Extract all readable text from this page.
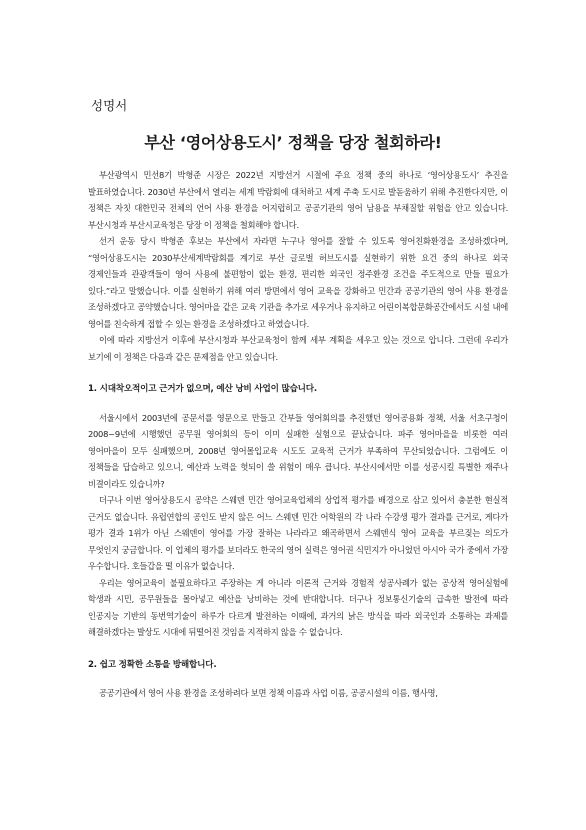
성명서
부산 ‘영어상용도시’ 정책을 당장 철회하라!

부산광역시 민선8기 박형준 시장은 2022년 지방선거 시절에 주요 정책 중의 하나로 ‘영어상용도시’ 추진을 발표하였습니다. 2030년 부산에서 열리는 세계 박람회에 대처하고 세계 주축 도시로 발돋움하기 위해 추진한다지만, 이 정책은 자칫 대한민국 전체의 언어 사용 환경을 어지럽히고 공공기관의 영어 남용을 부채질할 위험을 안고 있습니다. 부산시청과 부산시교육청은 당장 이 정책을 철회해야 합니다.

선거 운동 당시 박형준 후보는 부산에서 자라면 누구나 영어를 잘할 수 있도록 영어친화환경을 조성하겠다며, “영어상용도시는 2030부산세계박람회를 계기로 부산 글로벌 허브도시를 실현하기 위한 요건 중의 하나로 외국 경제인들과 관광객들이 영어 사용에 불편함이 없는 환경, 편리한 외국인 정주환경 조건을 주도적으로 만들 필요가 있다.”라고 말했습니다. 이를 실현하기 위해 여러 방면에서 영어 교육을 강화하고 민간과 공공기관의 영어 사용 환경을 조성하겠다고 공약했습니다. 영어마을 같은 교육 기관을 추가로 세우거나 유지하고 어린이복합문화공간에서도 시설 내에 영어를 친숙하게 접할 수 있는 환경을 조성하겠다고 하였습니다.

이에 따라 지방선거 이후에 부산시청과 부산교육청이 함께 세부 계획을 세우고 있는 것으로 압니다. 그런데 우리가 보기에 이 정책은 다음과 같은 문제점을 안고 있습니다.

1. 시대착오적이고 근거가 없으며, 예산 낭비 사업이 많습니다.

서울시에서 2003년에 공문서를 영문으로 만들고 간부들 영어회의를 추진했던 영어공용화 정책, 서울 서초구청이 2008~9년에 시행했던 공무원 영어회의 등이 이미 실패한 실험으로 끝났습니다. 파주 영어마을을 비롯한 여러 영어마을이 모두 실패했으며, 2008년 영어몰입교육 시도도 교육적 근거가 부족하여 무산되었습니다. 그럼에도 이 정책들을 답습하고 있으니, 예산과 노력을 헛되이 쓸 위험이 매우 큽니다. 부산시에서만 이를 성공시킬 특별한 재주나 비결이라도 있습니까?

더구나 이번 영어상용도시 공약은 스웨덴 민간 영어교육업체의 상업적 평가를 배경으로 삼고 있어서 충분한 현실적 근거도 없습니다. 유럽연합의 공인도 받지 않은 어느 스웨덴 민간 어학원의 각 나라 수강생 평가 결과를 근거로, 게다가 평가 결과 1위가 아닌 스웨덴이 영어를 가장 잘하는 나라라고 왜곡하면서 스웨덴식 영어 교육을 부르짖는 의도가 무엇인지 궁금합니다. 이 업체의 평가를 보더라도 한국의 영어 실력은 영어권 식민지가 아니었던 아시아 국가 중에서 가장 우수합니다. 호들갑을 떨 이유가 없습니다.

우리는 영어교육이 불필요하다고 주장하는 게 아니라 이론적 근거와 경험적 성공사례가 없는 공상적 영어실험에 학생과 시민, 공무원들을 몰아넣고 예산을 낭비하는 것에 반대합니다. 더구나 정보통신기술의 급속한 발전에 따라 인공지능 기반의 동번역기술이 하루가 다르게 발전하는 이때에, 과거의 낡은 방식을 따라 외국인과 소통하는 과제를 해결하겠다는 발상도 시대에 뒤떨어진 것임을 지적하지 않을 수 없습니다.

2. 쉽고 정확한 소통을 방해합니다.

공공기관에서 영어 사용 환경을 조성하려다 보면 정책 이름과 사업 이름, 공공시설의 이름, 행사명,
